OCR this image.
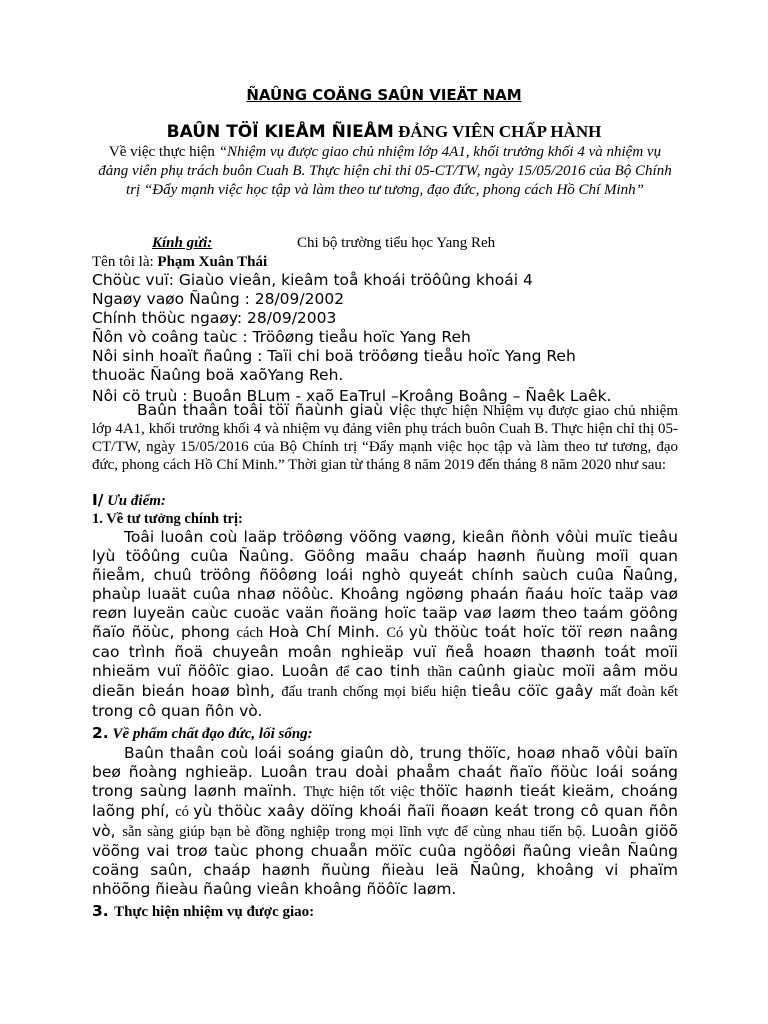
ÑAÛNG COÄNG SAÛN VIEÄT NAM
BAÛN TÖÏ KIEÅM ÑIEÅM ĐẢNG VIÊN CHẤP HÀNH
Về việc thực hiện “Nhiệm vụ được giao chủ nhiệm lớp 4A1, khối trưởng khối 4 và nhiệm vụ đảng viên phụ trách buôn Cuah B. Thực hiện chỉ thi 05-CT/TW, ngày 15/05/2016 của Bộ Chính trị “Đẩy mạnh việc học tập và làm theo tư tương, đạo đức, phong cách Hồ Chí Minh”
Kính gửi:	Chi bộ trường tiểu học Yang Reh
Tên tôi là: Phạm Xuân Thái
Chöùc vuï: Giaùo vieân, kieâm toå khoái tröôûng khoái 4
Ngaøy vaøo Ñaûng : 28/09/2002
Chính thöùc ngaøy: 28/09/2003
Ñôn vò coâng taùc : Tröôøng tieåu hoïc Yang Reh
Nôi sinh hoaït ñaûng : Taïi chi boä tröôøng tieåu hoïc Yang Reh
thuoäc Ñaûng boä xaõYang Reh.
Nôi cö truù : Buoân BLum - xaõ EaTrul –Kroâng Boâng – Ñaêk Laêk.
Baûn thaân toâi töï ñaùnh giaù việc thực hiện Nhiệm vụ được giao chủ nhiệm lớp 4A1, khối trưởng khối 4 và nhiệm vụ đảng viên phụ trách buôn Cuah B. Thực hiện chỉ thị 05-CT/TW, ngày 15/05/2016 của Bộ Chính trị “Đẩy mạnh việc học tập và làm theo tư tương, đạo đức, phong cách Hồ Chí Minh.” Thời gian từ tháng 8 năm 2019 đến tháng 8 năm 2020 như sau:
I/ Ưu điểm:
1. Về tư tưởng chính trị:
Toâi luoân coù laäp tröôøng vöõng vaøng, kieân ñònh vôùi muïc tieâu lyù töôûng cuûa Ñaûng. Göông maãu chaáp haønh ñuùng moïi quan ñieåm, chuû tröông ñöôøng loái nghò quyeát chính saùch cuûa Ñaûng, phaùp luaät cuûa nhaø nöôùc. Khoâng ngöøng phaán ñaáu hoïc taäp vaø reøn luyeän caùc cuoäc vaän ñoäng hoïc taäp vaø laøm theo taám göông ñaïo ñöùc, phong cách Hoà Chí Minh. Có yù thöùc toát hoïc töï reøn naâng cao trình ñoä chuyeân moân nghieäp vuï ñeå hoaøn thaønh toát moïi nhieäm vuï ñöôïc giao. Luoân để cao tinh thần caûnh giaùc moïi aâm möu dieãn bieán hoaø bình, đấu tranh chống mọi biểu hiện tieâu cöïc gaây mất đoàn kết trong cô quan ñôn vò.
2. Về phẩm chất đạo đức, lối sống:
Baûn thaân coù loái soáng giaûn dò, trung thöïc, hoaø nhaõ vôùi baïn beø ñoàng nghieäp. Luoân trau doài phaåm chaát ñaïo ñöùc loái soáng trong saùng laønh maïnh. Thực hiện tốt việc thöïc haønh tieát kieäm, choáng laõng phí, có yù thöùc xaây döïng khoái ñaïi ñoaøn keát trong cô quan ñôn vò, sẵn sàng giúp bạn bè đồng nghiệp trong mọi lĩnh vực để cùng nhau tiến bộ. Luoân giöõ vöõng vai troø taùc phong chuaån möïc cuûa ngöôøi ñaûng vieân Ñaûng coäng saûn, chaáp haønh ñuùng ñieàu leä Ñaûng, khoâng vi phaïm nhöõng ñieàu ñaûng vieân khoâng ñöôïc laøm.
3. Thực hiện nhiệm vụ được giao:
